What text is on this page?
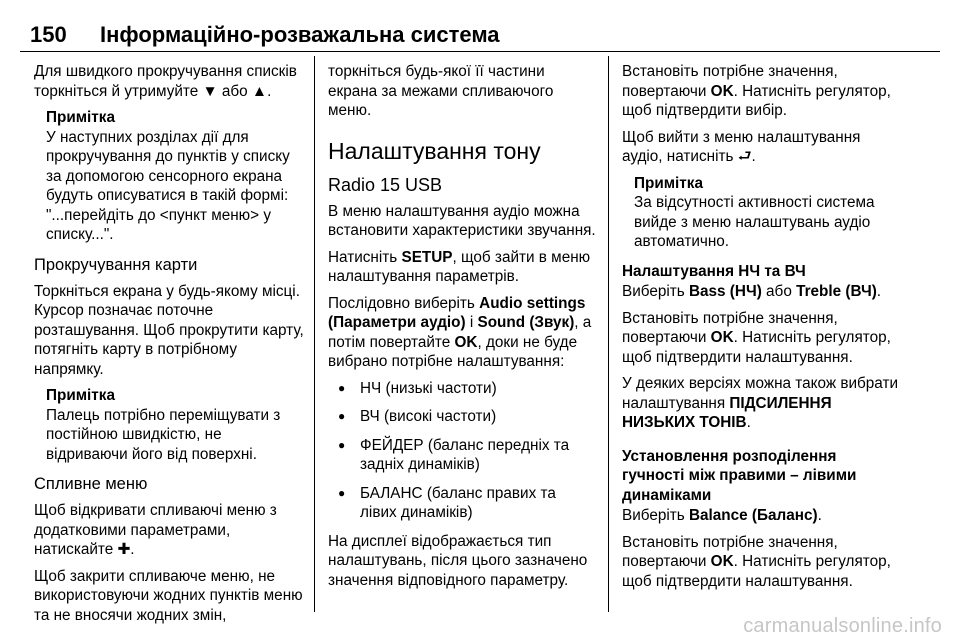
150 Інформаційно-розважальна система

Для швидкого прокручування списків торкніться й утримуйте ▼ або ▲.

Примітка
У наступних розділах дії для прокручування до пунктів у списку за допомогою сенсорного екрана будуть описуватися в такій формі: "...перейдіть до <пункт меню> у списку...".
Прокручування карти

Торкніться екрана у будь-якому місці. Курсор позначає поточне розташування. Щоб прокрутити карту, потягніть карту в потрібному напрямку.

Примітка
Палець потрібно переміщувати з постійною швидкістю, не відриваючи його від поверхні.
Спливне меню

Щоб відкривати спливаючі меню з додатковими параметрами, натискайте ✚.

Щоб закрити спливаюче меню, не використовуючи жодних пунктів меню та не вносячи жодних змін,

торкніться будь-якої її частини екрана за межами спливаючого меню.

Налаштування тону
Radio 15 USB

В меню налаштування аудіо можна встановити характеристики звучання.

Натисніть SETUP, щоб зайти в меню налаштування параметрів.

Послідовно виберіть Audio settings (Параметри аудіо) і Sound (Звук), а потім повертайте OK, доки не буде вибрано потрібне налаштування:

● НЧ (низькі частоти)
● ВЧ (високі частоти)
● ФЕЙДЕР (баланс передніх та задніх динаміків)
● БАЛАНС (баланс правих та лівих динаміків)

На дисплеї відображається тип налаштувань, після цього зазначено значення відповідного параметру.

Встановіть потрібне значення, повертаючи OK. Натисніть регулятор, щоб підтвердити вибір.

Щоб вийти з меню налаштування аудіо, натисніть ⮐.

Примітка
За відсутності активності система вийде з меню налаштувань аудіо автоматично.
Налаштування НЧ та ВЧ

Виберіть Bass (НЧ) або Treble (ВЧ).

Встановіть потрібне значення, повертаючи OK. Натисніть регулятор, щоб підтвердити налаштування.

У деяких версіях можна також вибрати налаштування ПІДСИЛЕННЯ НИЗЬКИХ ТОНІВ.

Установлення розподілення гучності між правими – лівими динаміками

Виберіть Balance (Баланс).

Встановіть потрібне значення, повертаючи OK. Натисніть регулятор, щоб підтвердити налаштування.

carmanualsonline.info
